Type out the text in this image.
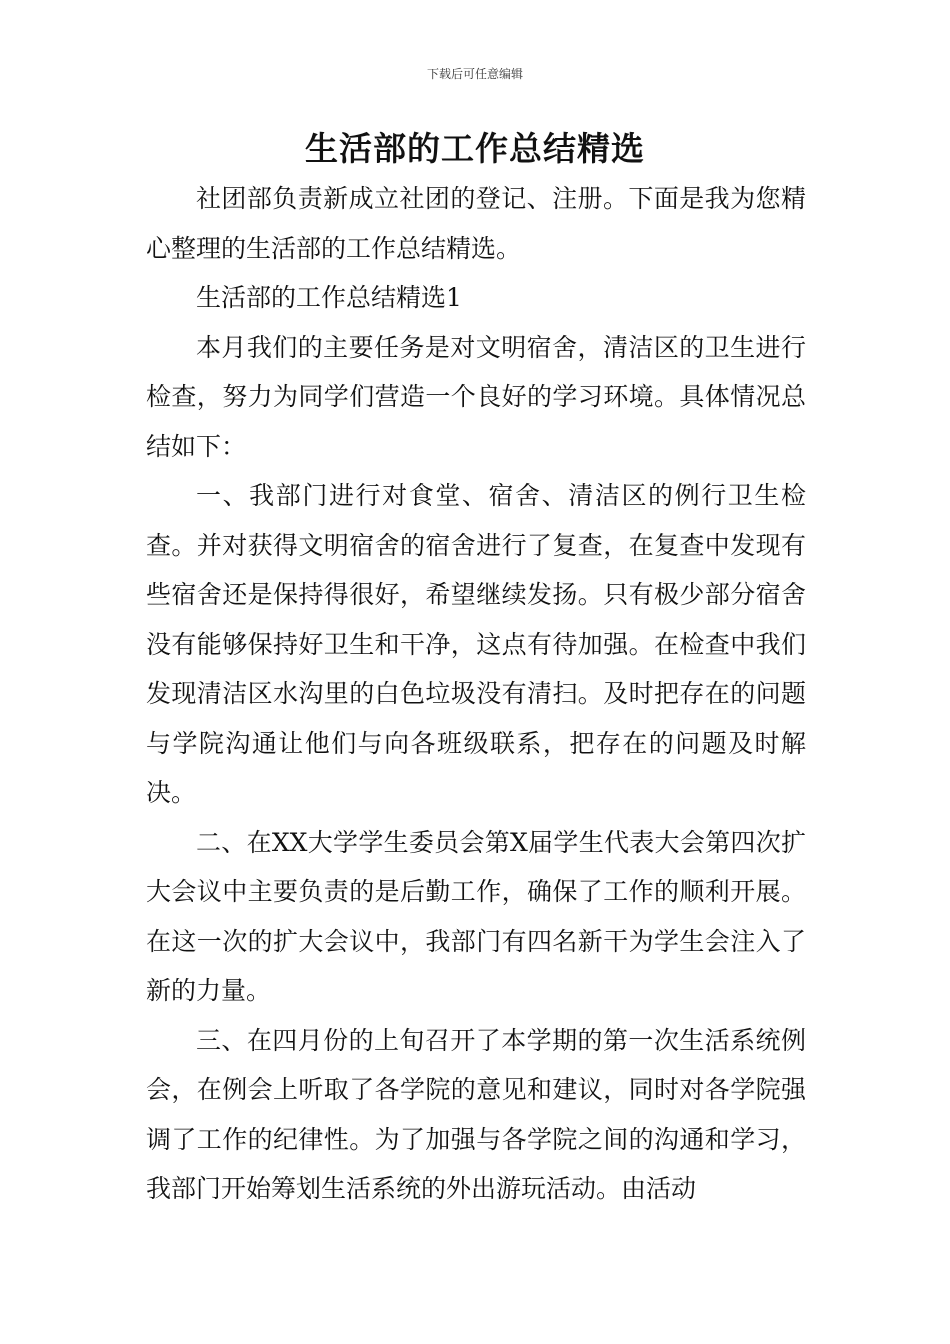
下载后可任意编辑
生活部的工作总结精选

社团部负责新成立社团的登记、注册。下面是我为您精心整理的生活部的工作总结精选。

生活部的工作总结精选1

本月我们的主要任务是对文明宿舍，清洁区的卫生进行检查，努力为同学们营造一个良好的学习环境。具体情况总结如下：

一、我部门进行对食堂、宿舍、清洁区的例行卫生检查。并对获得文明宿舍的宿舍进行了复查，在复查中发现有些宿舍还是保持得很好，希望继续发扬。只有极少部分宿舍没有能够保持好卫生和干净，这点有待加强。在检查中我们发现清洁区水沟里的白色垃圾没有清扫。及时把存在的问题与学院沟通让他们与向各班级联系，把存在的问题及时解决。

二、在XX大学学生委员会第X届学生代表大会第四次扩大会议中主要负责的是后勤工作，确保了工作的顺利开展。在这一次的扩大会议中，我部门有四名新干为学生会注入了新的力量。

三、在四月份的上旬召开了本学期的第一次生活系统例会，在例会上听取了各学院的意见和建议，同时对各学院强调了工作的纪律性。为了加强与各学院之间的沟通和学习，我部门开始筹划生活系统的外出游玩活动。由活动
